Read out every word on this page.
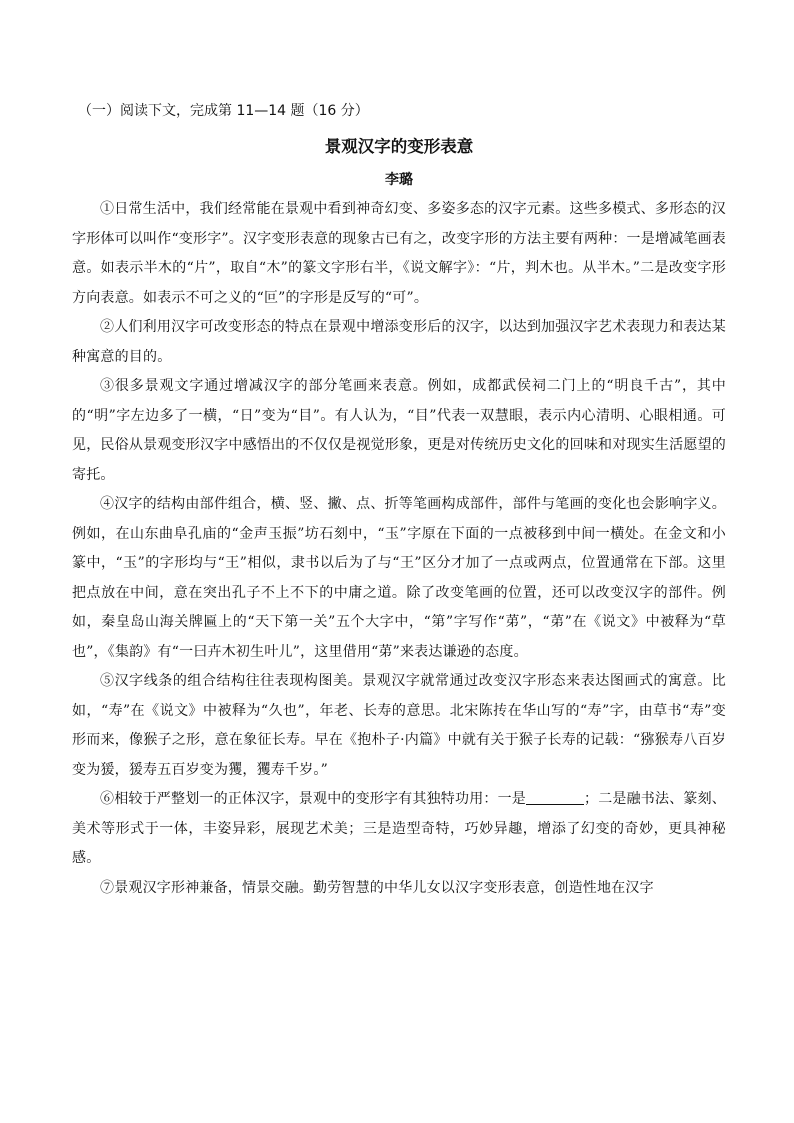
（一）阅读下文，完成第 11—14 题（16 分）
景观汉字的变形表意
李璐

①日常生活中，我们经常能在景观中看到神奇幻变、多姿多态的汉字元素。这些多模式、多形态的汉字形体可以叫作“变形字”。汉字变形表意的现象古已有之，改变字形的方法主要有两种：一是增减笔画表意。如表示半木的“片”，取自“木”的篆文字形右半，《说文解字》：“片，判木也。从半木。”二是改变字形方向表意。如表示不可之义的“叵”的字形是反写的“可”。

②人们利用汉字可改变形态的特点在景观中增添变形后的汉字，以达到加强汉字艺术表现力和表达某种寓意的目的。

③很多景观文字通过增减汉字的部分笔画来表意。例如，成都武侯祠二门上的“明良千古”，其中的“明”字左边多了一横，“日”变为“目”。有人认为，“目”代表一双慧眼，表示内心清明、心眼相通。可见，民俗从景观变形汉字中感悟出的不仅仅是视觉形象，更是对传统历史文化的回味和对现实生活愿望的寄托。

④汉字的结构由部件组合，横、竖、撇、点、折等笔画构成部件，部件与笔画的变化也会影响字义。例如，在山东曲阜孔庙的“金声玉振”坊石刻中，“玉”字原在下面的一点被移到中间一横处。在金文和小篆中，“玉”的字形均与“王”相似，隶书以后为了与“王”区分才加了一点或两点，位置通常在下部。这里把点放在中间，意在突出孔子不上不下的中庸之道。除了改变笔画的位置，还可以改变汉字的部件。例如，秦皇岛山海关牌匾上的“天下第一关”五个大字中，“第”字写作“苐”，“苐”在《说文》中被释为“草也”，《集韵》有“一曰卉木初生叶儿”，这里借用“苐”来表达谦逊的态度。

⑤汉字线条的组合结构往往表现构图美。景观汉字就常通过改变汉字形态来表达图画式的寓意。比如，“寿”在《说文》中被释为“久也”，年老、长寿的意思。北宋陈抟在华山写的“寿”字，由草书“寿”变形而来，像猴子之形，意在象征长寿。早在《抱朴子·内篇》中就有关于猴子长寿的记载：“猕猴寿八百岁变为猨，猨寿五百岁变为玃，玃寿千岁。”

⑥相较于严整划一的正体汉字，景观中的变形字有其独特功用：一是	；二是融书法、篆刻、美术等形式于一体，丰姿异彩，展现艺术美；三是造型奇特，巧妙异趣，增添了幻变的奇妙，更具神秘感。

⑦景观汉字形神兼备，情景交融。勤劳智慧的中华儿女以汉字变形表意，创造性地在汉字
